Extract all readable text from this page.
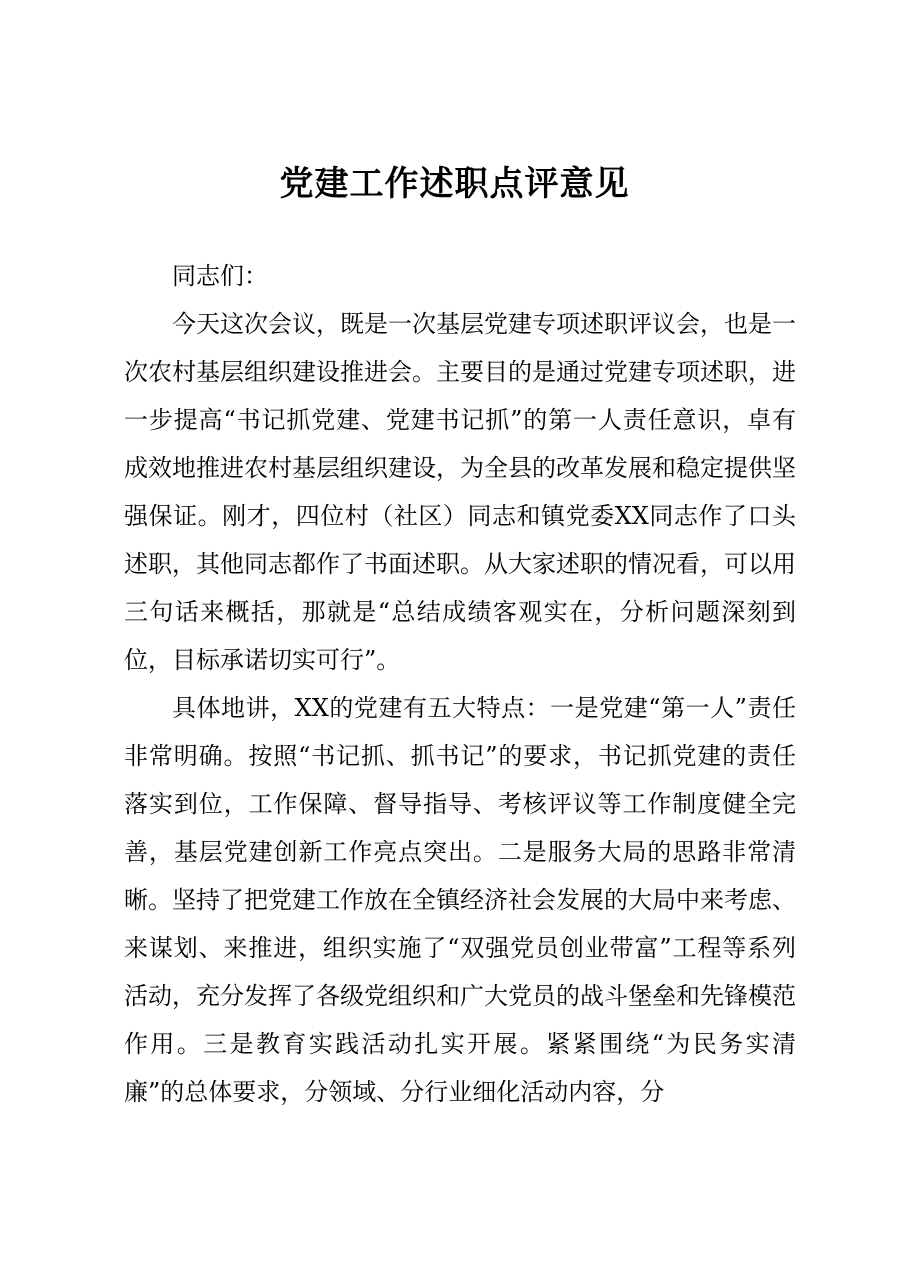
党建工作述职点评意见

同志们：

今天这次会议，既是一次基层党建专项述职评议会，也是一次农村基层组织建设推进会。主要目的是通过党建专项述职，进一步提高“书记抓党建、党建书记抓”的第一人责任意识，卓有成效地推进农村基层组织建设，为全县的改革发展和稳定提供坚强保证。刚才，四位村（社区）同志和镇党委XX同志作了口头述职，其他同志都作了书面述职。从大家述职的情况看，可以用三句话来概括，那就是“总结成绩客观实在，分析问题深刻到位，目标承诺切实可行”。

具体地讲，XX的党建有五大特点：一是党建“第一人”责任非常明确。按照“书记抓、抓书记”的要求，书记抓党建的责任落实到位，工作保障、督导指导、考核评议等工作制度健全完善，基层党建创新工作亮点突出。二是服务大局的思路非常清晰。坚持了把党建工作放在全镇经济社会发展的大局中来考虑、来谋划、来推进，组织实施了“双强党员创业带富”工程等系列活动，充分发挥了各级党组织和广大党员的战斗堡垒和先锋模范作用。三是教育实践活动扎实开展。紧紧围绕“为民务实清廉”的总体要求，分领域、分行业细化活动内容，分
